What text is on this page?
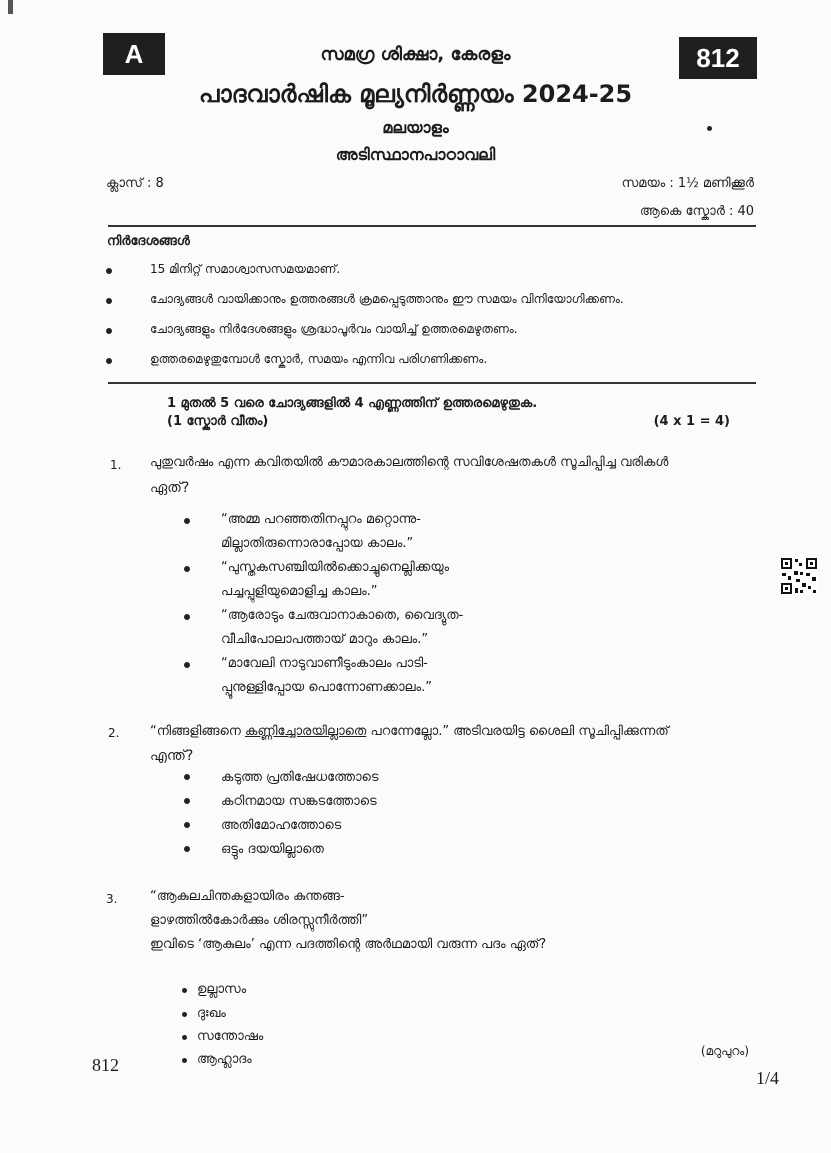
A	812
സമഗ്ര ശിക്ഷാ, കേരളം
പാദവാർഷിക മൂല്യനിർണ്ണയം 2024-25
മലയാളം
അടിസ്ഥാനപാഠാവലി
ക്ലാസ് : 8	സമയം : 1½ മണിക്കൂർ
ആകെ സ്കോർ : 40
നിർദേശങ്ങൾ
15 മിനിറ്റ് സമാശ്വാസസമയമാണ്.
ചോദ്യങ്ങൾ വായിക്കാനും ഉത്തരങ്ങൾ ക്രമപ്പെടുത്താനും ഈ സമയം വിനിയോഗിക്കണം.
ചോദ്യങ്ങളും നിർദേശങ്ങളും ശ്രദ്ധാപൂർവം വായിച്ച് ഉത്തരമെഴുതണം.
ഉത്തരമെഴുതുമ്പോൾ സ്കോർ, സമയം എന്നിവ പരിഗണിക്കണം.
1 മുതൽ 5 വരെ ചോദ്യങ്ങളിൽ 4 എണ്ണത്തിന് ഉത്തരമെഴുതുക.
(1 സ്കോർ വീതം)	(4 x 1 = 4)
1. പുതുവർഷം എന്ന കവിതയിൽ കൗമാരകാലത്തിന്റെ സവിശേഷതകൾ സൂചിപ്പിച്ച വരികൾ
ഏത്?
“അമ്മ പറഞ്ഞതിനപ്പുറം മറ്റൊന്നു-
മില്ലാതിരുന്നൊരാപ്പോയ കാലം.”
“പുസ്തകസഞ്ചിയിൽക്കൊച്ചുനെല്ലിക്കയും
പച്ചപ്പുളിയുമൊളിച്ച കാലം.”
“ആരോടും ചേരുവാനാകാതെ, വൈദ്യുത-
വീചിപോലാപത്തായ് മാറും കാലം.”
“മാവേലി നാടുവാണീടുംകാലം പാടി-
പ്പൂനുള്ളിപ്പോയ പൊന്നോണക്കാലം.”
2. “നിങ്ങളിങ്ങനെ കണ്ണിച്ചോരയില്ലാതെ പറന്നേല്ലോ.” അടിവരയിട്ട ശൈലി സൂചിപ്പിക്കുന്നത്
എന്ത്?
കടുത്ത പ്രതിഷേധത്തോടെ
കഠിനമായ സങ്കടത്തോടെ
അതിമോഹത്തോടെ
ഒട്ടും ദയയില്ലാതെ
3.	“ആകുലചിന്തകളായിരം കുന്തങ്ങ-
ളാഴത്തിൽകോർക്കും ശിരസ്സുനീർത്തി”
ഇവിടെ ‘ആകുലം’ എന്ന പദത്തിന്റെ അർഥമായി വരുന്ന പദം ഏത്?
ഉല്ലാസം
ദുഃഖം
സന്തോഷം
ആഹ്ലാദം
812
(മറുപുറം)
1/4
